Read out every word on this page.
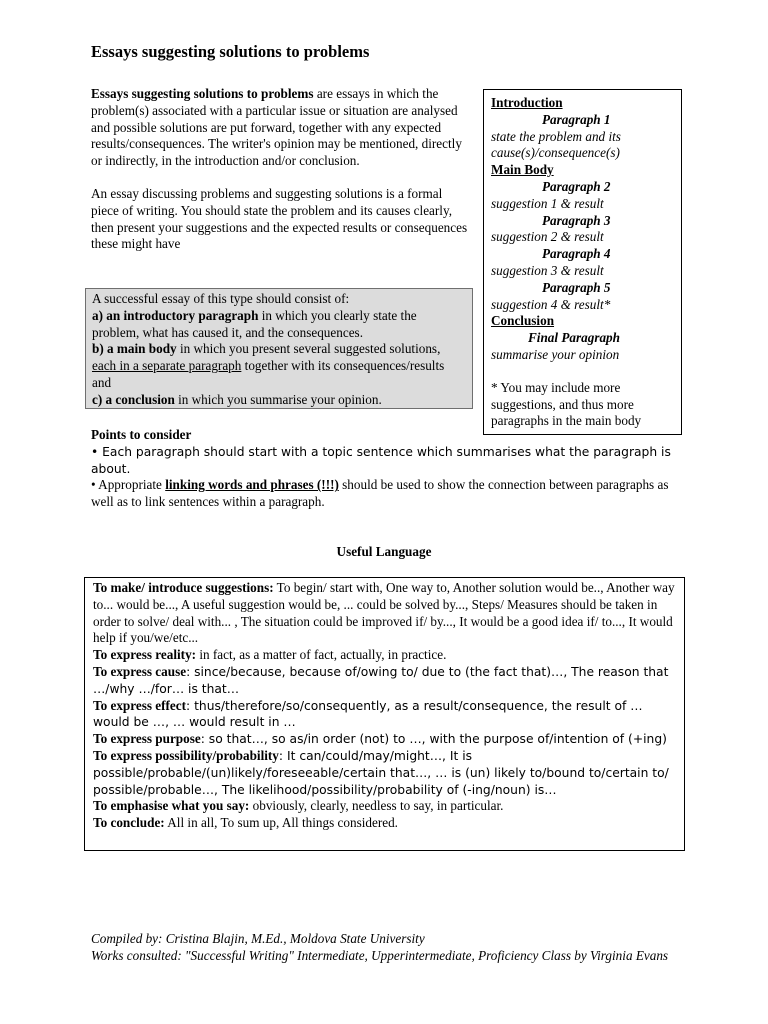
Essays suggesting solutions to problems

Essays suggesting solutions to problems are essays in which the problem(s) associated with a particular issue or situation are analysed and possible solutions are put forward, together with any expected results/consequences. The writer's opinion may be mentioned, directly or indirectly, in the introduction and/or conclusion.

An essay discussing problems and suggesting solutions is a formal piece of writing. You should state the problem and its causes clearly, then present your suggestions and the expected results or consequences these might have

Introduction
Paragraph 1
state the problem and its cause(s)/consequence(s)
Main Body
Paragraph 2
suggestion 1 & result
Paragraph 3
suggestion 2 & result
Paragraph 4
suggestion 3 & result
Paragraph 5
suggestion 4 & result*
Conclusion
Final Paragraph
summarise your opinion
* You may include more suggestions, and thus more paragraphs in the main body
A successful essay of this type should consist of:
a) an introductory paragraph in which you clearly state the problem, what has caused it, and the consequences.
b) a main body in which you present several suggested solutions, each in a separate paragraph together with its consequences/results and
c) a conclusion in which you summarise your opinion.
Points to consider
• Each paragraph should start with a topic sentence which summarises what the paragraph is about.
• Appropriate linking words and phrases (!!!) should be used to show the connection between paragraphs as well as to link sentences within a paragraph.
Useful Language
To make/ introduce suggestions: To begin/ start with, One way to, Another solution would be.., Another way to... would be..., A useful suggestion would be, ... could be solved by..., Steps/ Measures should be taken in order to solve/ deal with... , The situation could be improved if/ by..., It would be a good idea if/ to..., It would help if you/we/etc...
To express reality: in fact, as a matter of fact, actually, in practice.
To express cause: since/because, because of/owing to/ due to (the fact that)…, The reason that …/why …/for… is that…
To express effect: thus/therefore/so/consequently, as a result/consequence, the result of … would be …, … would result in …
To express purpose: so that…, so as/in order (not) to …, with the purpose of/intention of (+ing)
To express possibility/probability: It can/could/may/might…, It is possible/probable/(un)likely/foreseeable/certain that…, … is (un) likely to/bound to/certain to/ possible/probable…, The likelihood/possibility/probability of (-ing/noun) is…
To emphasise what you say: obviously, clearly, needless to say, in particular.
To conclude: All in all, To sum up, All things considered.
Compiled by: Cristina Blajin, M.Ed., Moldova State University
Works consulted: "Successful Writing" Intermediate, Upperintermediate, Proficiency Class by Virginia Evans
